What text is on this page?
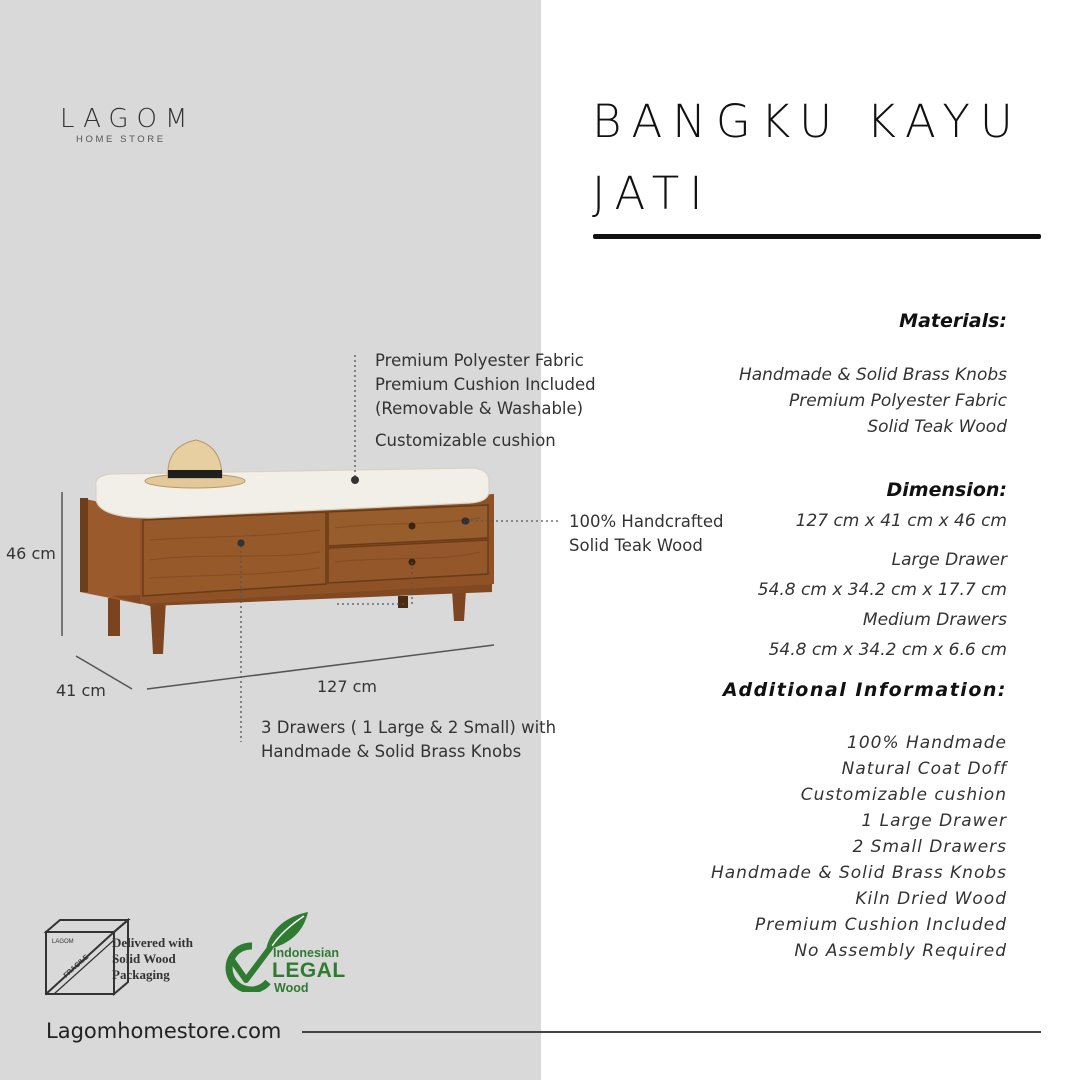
LAGOM
HOME STORE	BANGKU KAYU JATI
Premium Polyester Fabric
Premium Cushion Included
(Removable & Washable)
Customizable cushion
100% Handcrafted
Solid Teak Wood
3 Drawers ( 1 Large & 2 Small) with
Handmade & Solid Brass Knobs
46 cm
41 cm	127 cm
Materials:
Handmade & Solid Brass Knobs
Premium Polyester Fabric
Solid Teak Wood
Dimension:
127 cm x 41 cm x 46 cm
Large Drawer
54.8 cm x 34.2 cm x 17.7 cm
Medium Drawers
54.8 cm x 34.2 cm x 6.6 cm
Additional Information:
100% Handmade
Natural Coat Doff
Customizable cushion
1 Large Drawer
2 Small Drawers
Handmade & Solid Brass Knobs
Kiln Dried Wood
Premium Cushion Included
No Assembly Required
LAGOM
FRAGILE
Delivered with
Solid Wood
Packaging
Indonesian
LEGAL
Wood
Lagomhomestore.com
